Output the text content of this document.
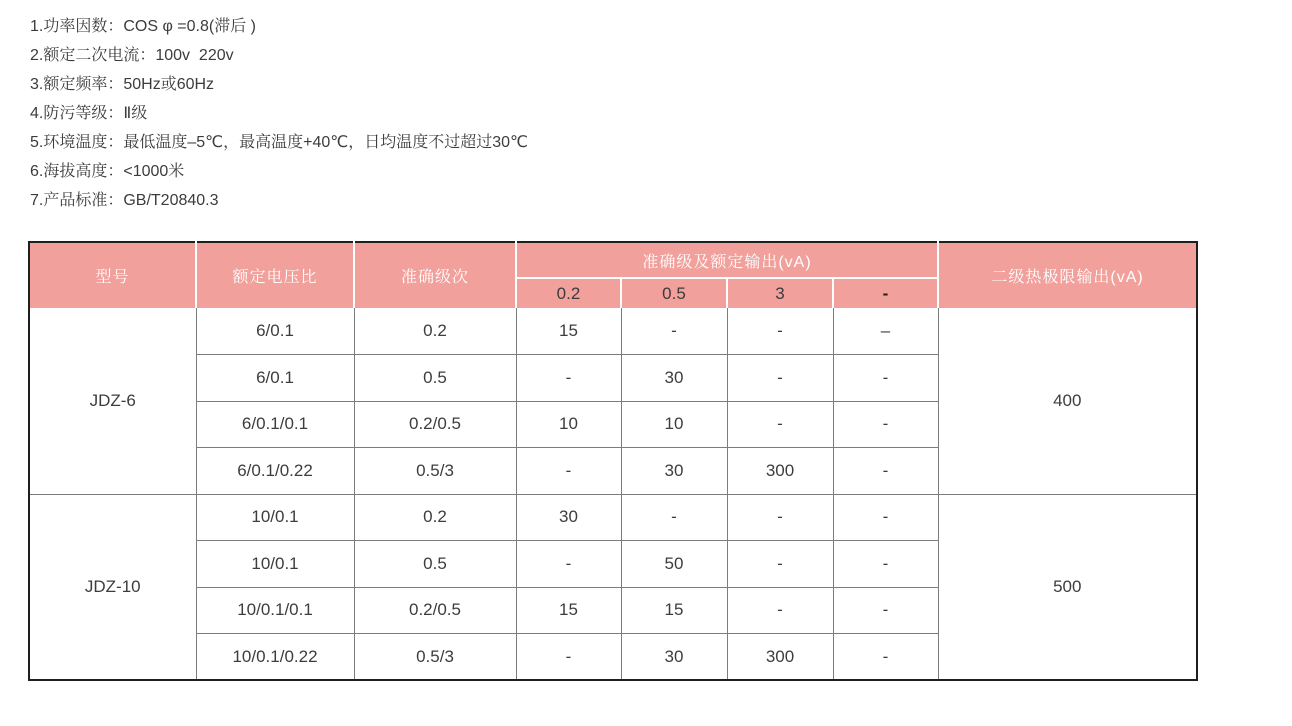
1.功率因数：COS φ =0.8(滞后 )
2.额定二次电流：100v  220v
3.额定频率：50Hz或60Hz
4.防污等级：Ⅱ级
5.环境温度：最低温度–5℃，最高温度+40℃，日均温度不过超过30℃
6.海拔高度：<1000米
7.产品标准：GB/T20840.3
型号	额定电压比	准确级次	准确级及额定输出(vA)				二级热极限输出(vA)
			0.2	0.5	3	-	
JDZ-6	6/0.1	0.2	15	-	-	–	400
	6/0.1	0.5	-	30	-	-	
	6/0.1/0.1	0.2/0.5	10	10	-	-	
	6/0.1/0.22	0.5/3	-	30	300	-	
JDZ-10	10/0.1	0.2	30	-	-	-	500
	10/0.1	0.5	-	50	-	-	
	10/0.1/0.1	0.2/0.5	15	15	-	-	
	10/0.1/0.22	0.5/3	-	30	300	-	
